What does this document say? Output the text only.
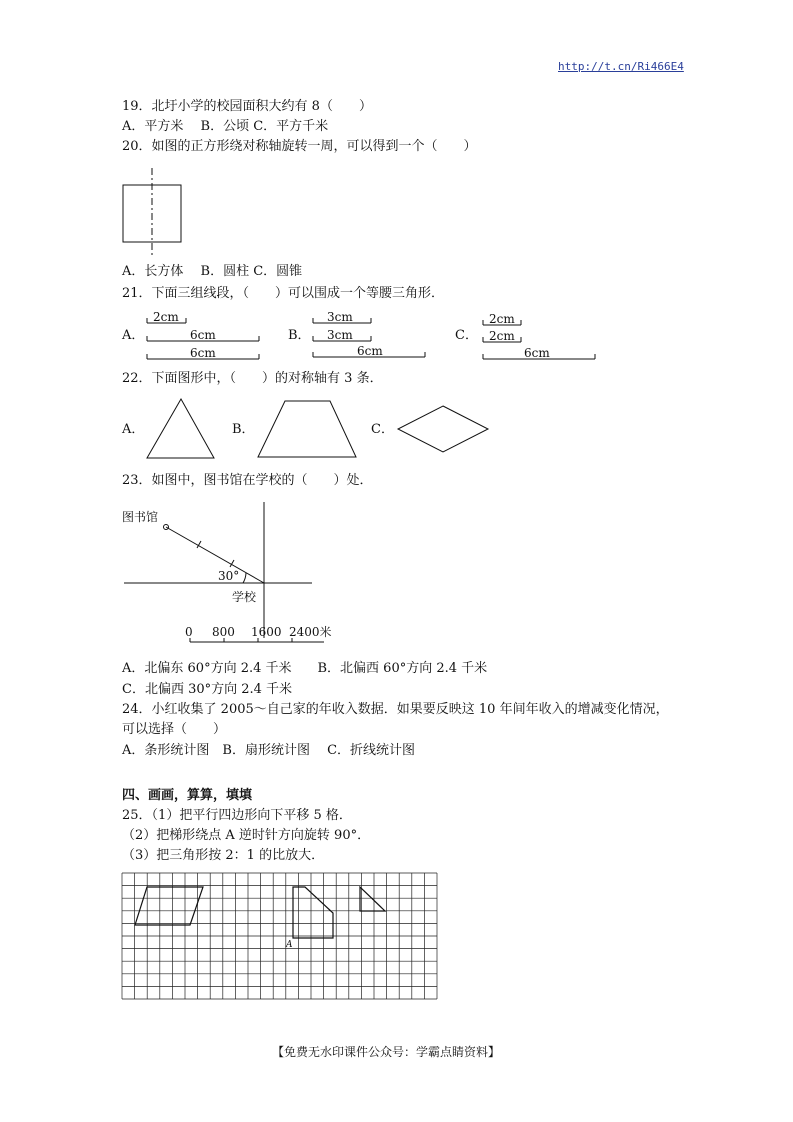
http://t.cn/Ri466E4
19．北圩小学的校园面积大约有 8（　　）
A．平方米　 B．公顷 C．平方千米
20．如图的正方形绕对称轴旋转一周，可以得到一个（　　）
A．长方体　 B．圆柱 C．圆锥
21．下面三组线段，（　　）可以围成一个等腰三角形．
A．	B．	C．
2cm
6cm
6cm
3cm
3cm
6cm
2cm
2cm
6cm
22．下面图形中，（　　）的对称轴有 3 条．
A．	B．	C．
23．如图中，图书馆在学校的（　　）处．
图书馆
30°
学校
0 800 1600 2400米
A．北偏东 60°方向 2.4 千米　　B．北偏西 60°方向 2.4 千米
C．北偏西 30°方向 2.4 千米
24．小红收集了 2005～自己家的年收入数据．如果要反映这 10 年间年收入的增减变化情况，
可以选择（　　）
A．条形统计图　B．扇形统计图　 C．折线统计图
四、画画，算算，填填
25．（1）把平行四边形向下平移 5 格．
（2）把梯形绕点 A 逆时针方向旋转 90°．
（3）把三角形按 2：1 的比放大．
A
【免费无水印课件公众号：学霸点睛资料】
